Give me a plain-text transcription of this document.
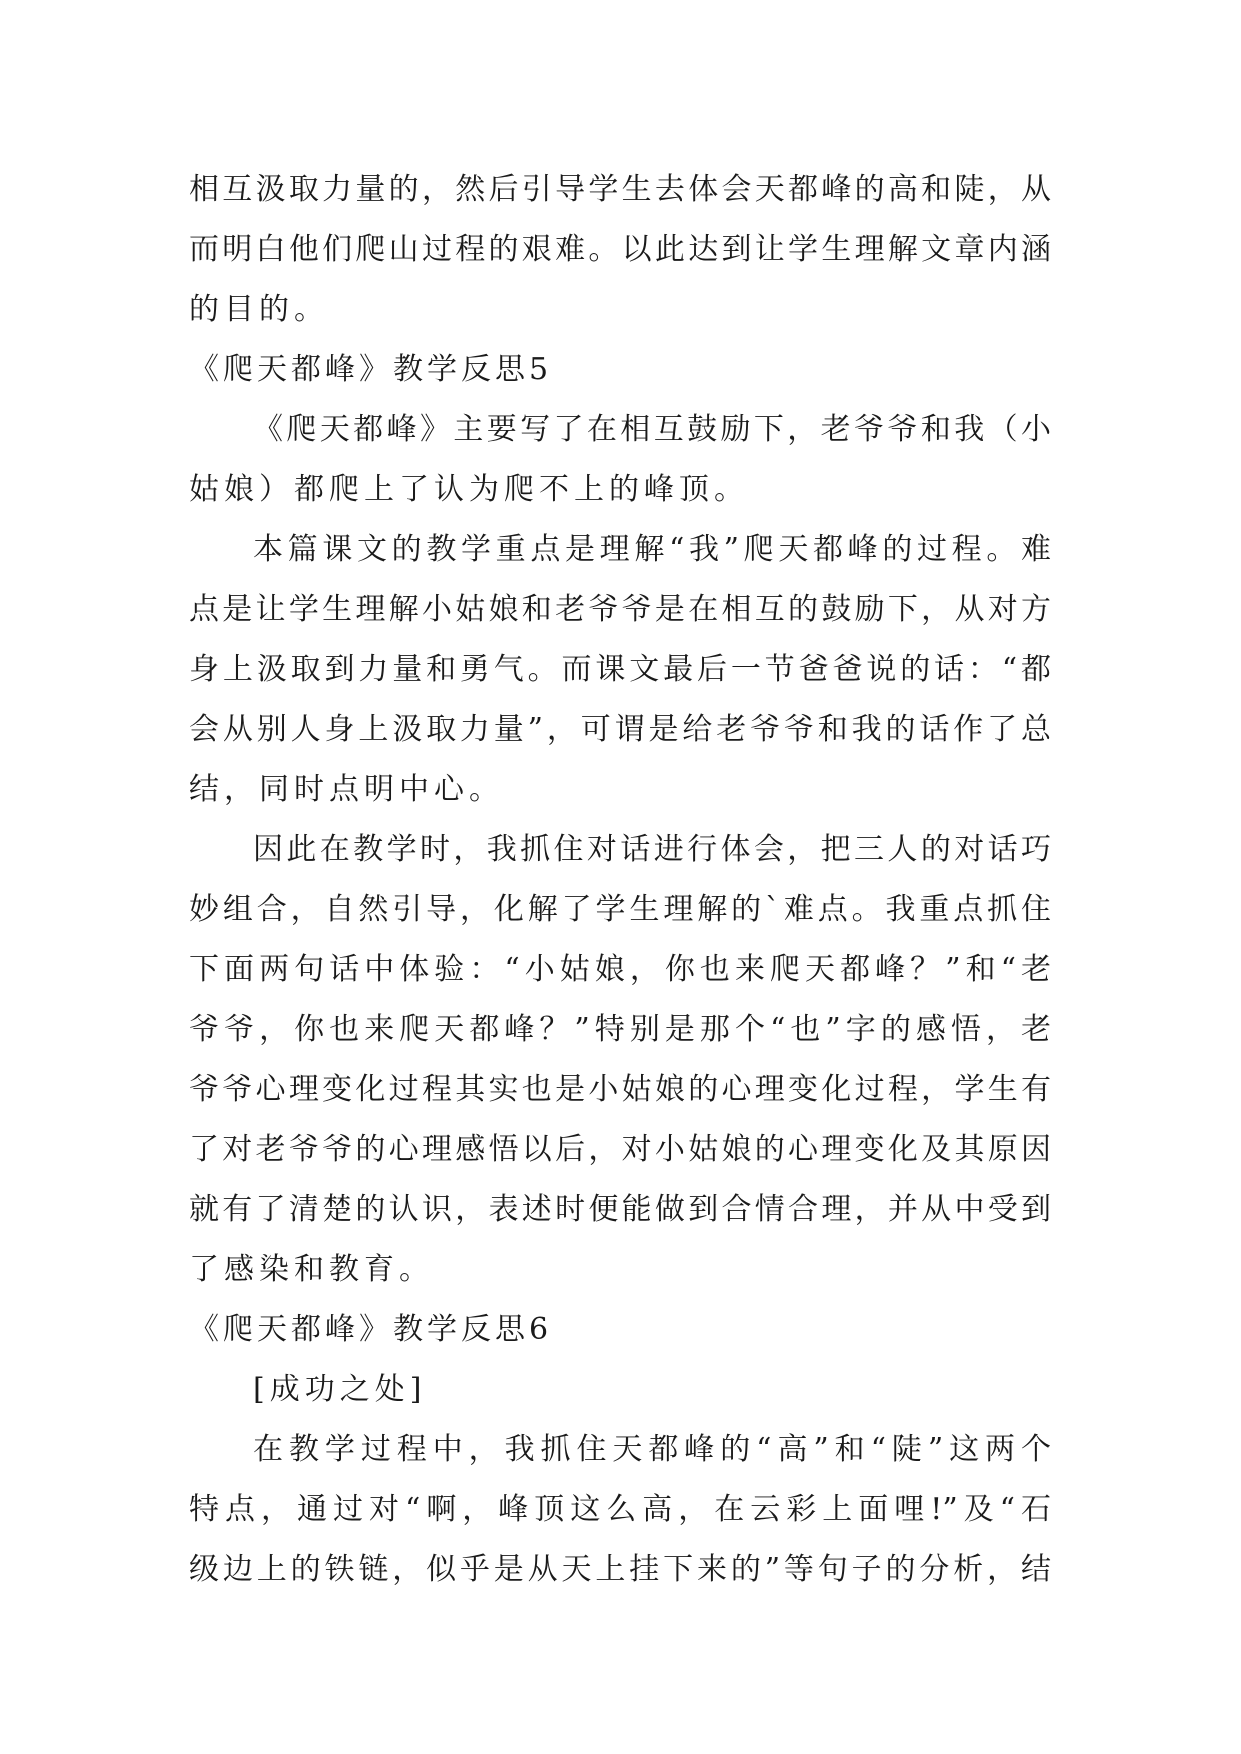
相互汲取力量的，然后引导学生去体会天都峰的高和陡，从
而明白他们爬山过程的艰难。以此达到让学生理解文章内涵
的目的。
《爬天都峰》教学反思5
《爬天都峰》主要写了在相互鼓励下，老爷爷和我（小
姑娘）都爬上了认为爬不上的峰顶。
本篇课文的教学重点是理解“我”爬天都峰的过程。难
点是让学生理解小姑娘和老爷爷是在相互的鼓励下，从对方
身上汲取到力量和勇气。而课文最后一节爸爸说的话：“都
会从别人身上汲取力量”，可谓是给老爷爷和我的话作了总
结，同时点明中心。
因此在教学时，我抓住对话进行体会，把三人的对话巧
妙组合，自然引导，化解了学生理解的`难点。我重点抓住
下面两句话中体验：“小姑娘，你也来爬天都峰？”和“老
爷爷，你也来爬天都峰？”特别是那个“也”字的感悟，老
爷爷心理变化过程其实也是小姑娘的心理变化过程，学生有
了对老爷爷的心理感悟以后，对小姑娘的心理变化及其原因
就有了清楚的认识，表述时便能做到合情合理，并从中受到
了感染和教育。
《爬天都峰》教学反思6
[成功之处]
在教学过程中，我抓住天都峰的“高”和“陡”这两个
特点，通过对“啊，峰顶这么高，在云彩上面哩!”及“石
级边上的铁链，似乎是从天上挂下来的”等句子的分析，结
